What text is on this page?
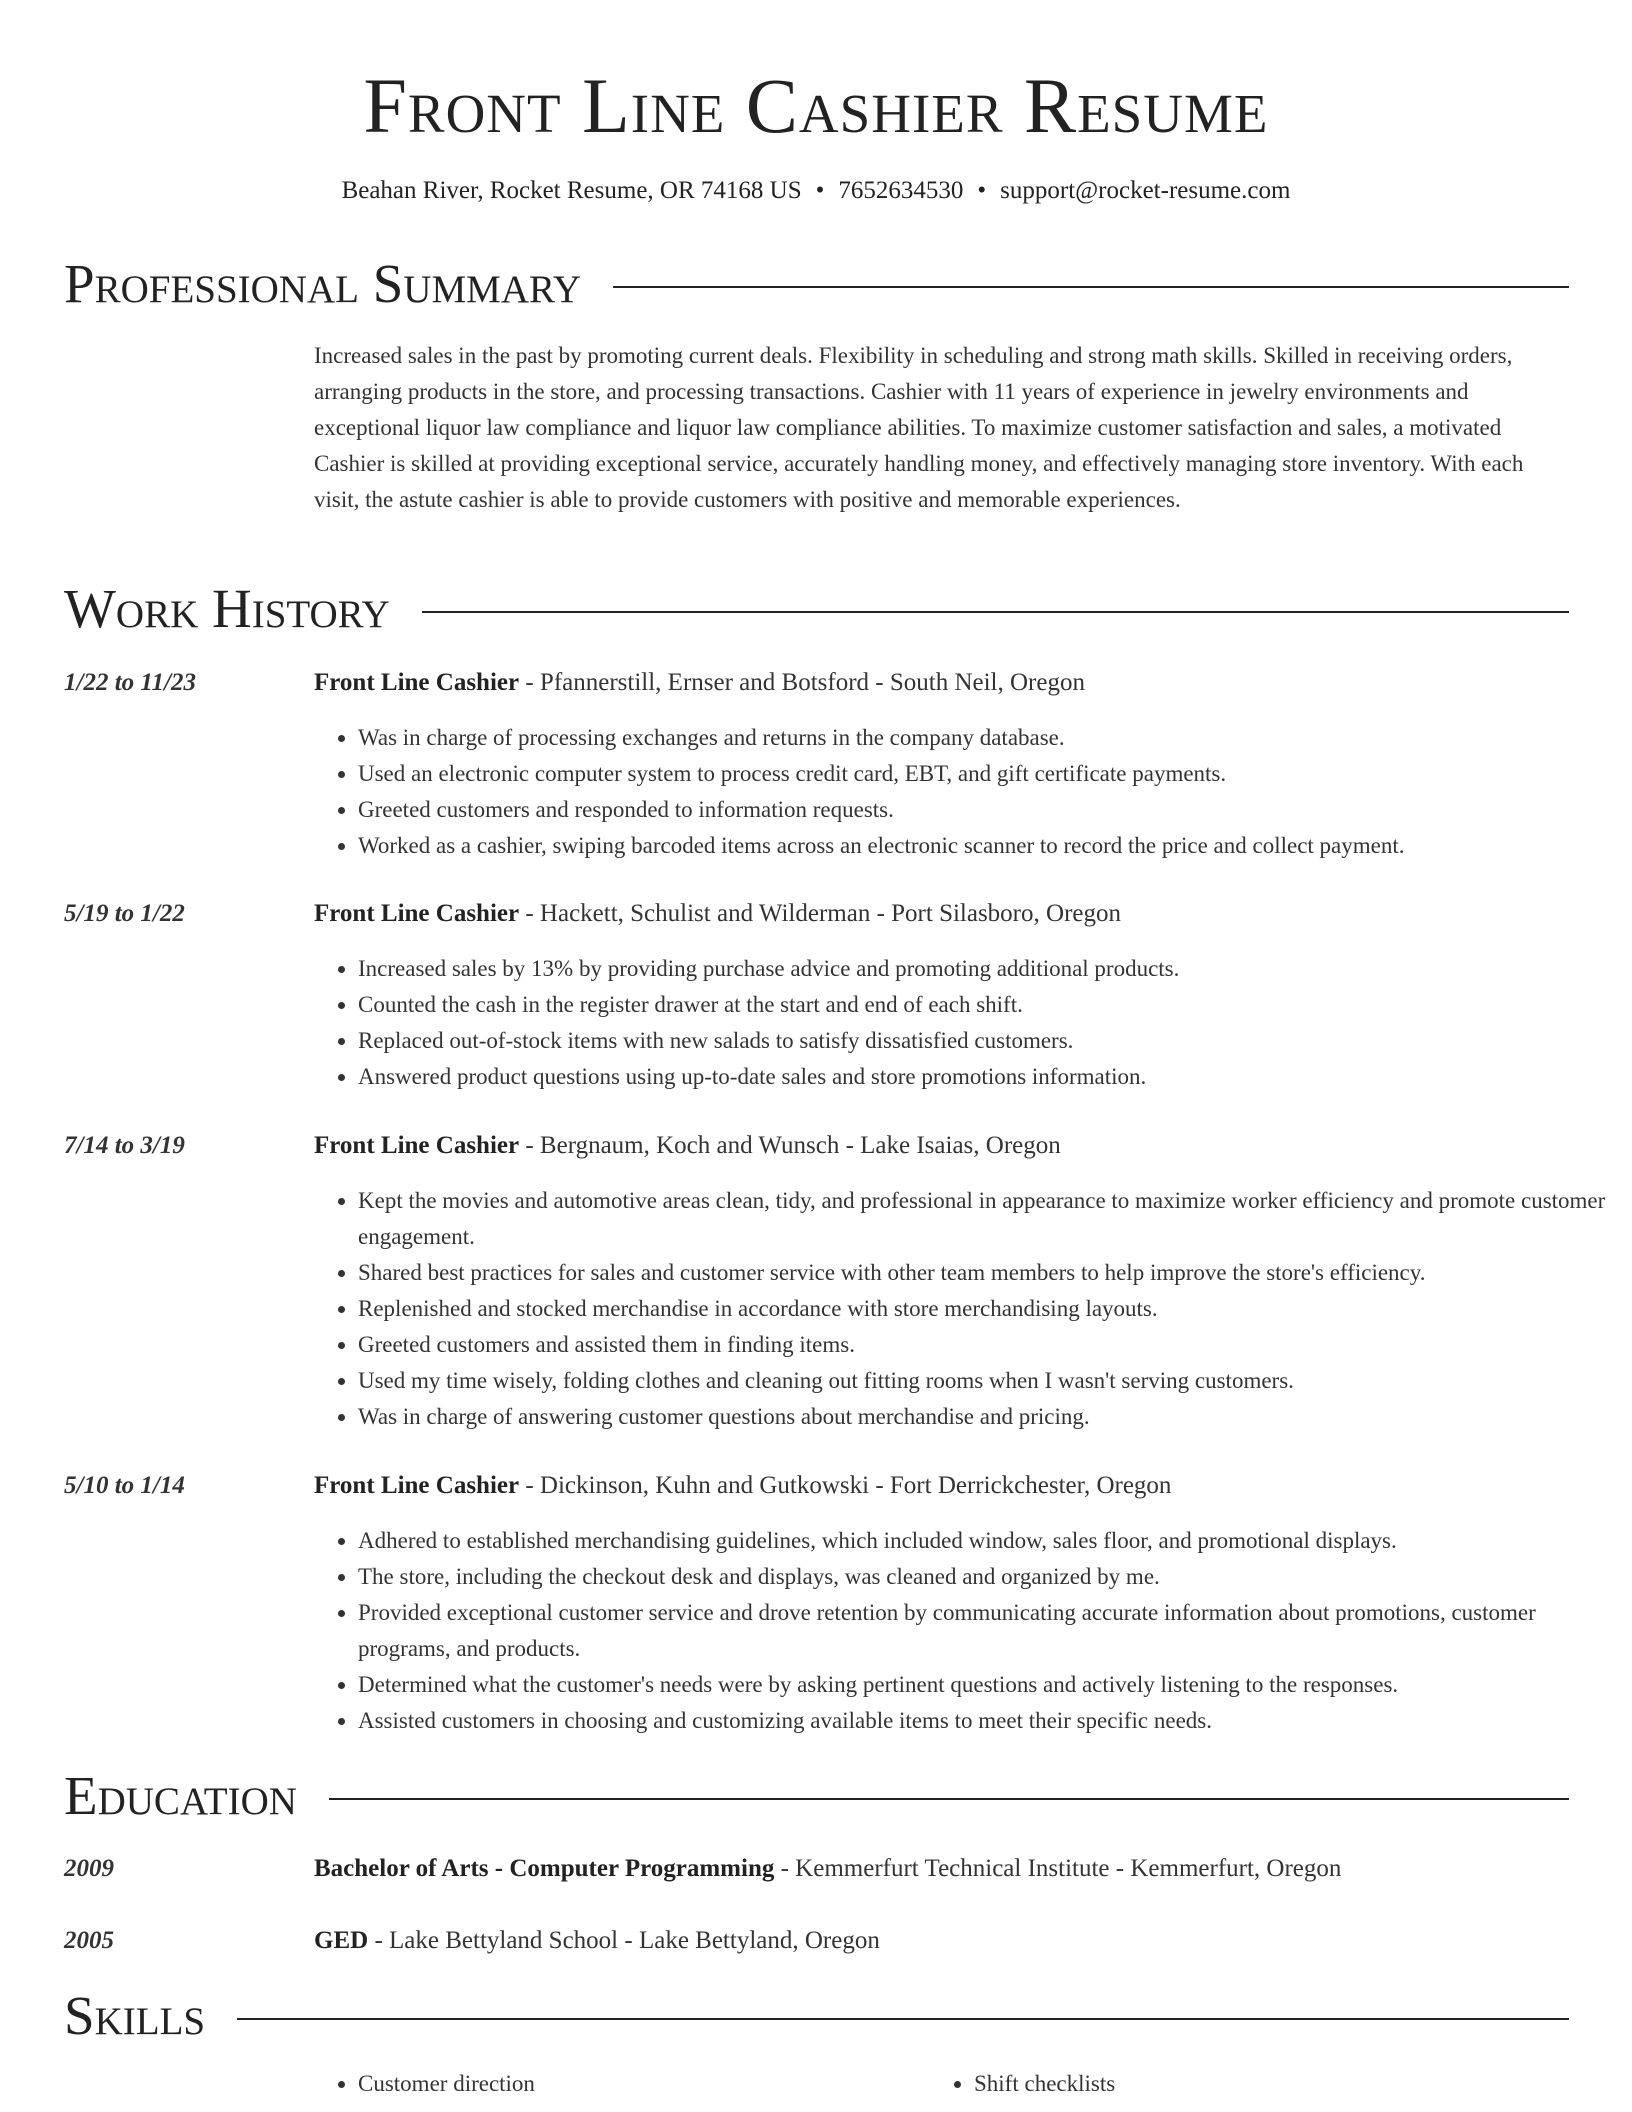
Front Line Cashier Resume
Beahan River, Rocket Resume, OR 74168 US • 7652634530 • support@rocket-resume.com
Professional Summary
Increased sales in the past by promoting current deals. Flexibility in scheduling and strong math skills. Skilled in receiving orders, arranging products in the store, and processing transactions. Cashier with 11 years of experience in jewelry environments and exceptional liquor law compliance and liquor law compliance abilities. To maximize customer satisfaction and sales, a motivated Cashier is skilled at providing exceptional service, accurately handling money, and effectively managing store inventory. With each visit, the astute cashier is able to provide customers with positive and memorable experiences.
Work History
1/22 to 11/23	Front Line Cashier - Pfannerstill, Ernser and Botsford - South Neil, Oregon
• Was in charge of processing exchanges and returns in the company database.
• Used an electronic computer system to process credit card, EBT, and gift certificate payments.
• Greeted customers and responded to information requests.
• Worked as a cashier, swiping barcoded items across an electronic scanner to record the price and collect payment.
5/19 to 1/22	Front Line Cashier - Hackett, Schulist and Wilderman - Port Silasboro, Oregon
• Increased sales by 13% by providing purchase advice and promoting additional products.
• Counted the cash in the register drawer at the start and end of each shift.
• Replaced out-of-stock items with new salads to satisfy dissatisfied customers.
• Answered product questions using up-to-date sales and store promotions information.
7/14 to 3/19	Front Line Cashier - Bergnaum, Koch and Wunsch - Lake Isaias, Oregon
• Kept the movies and automotive areas clean, tidy, and professional in appearance to maximize worker efficiency and promote customer engagement.
• Shared best practices for sales and customer service with other team members to help improve the store's efficiency.
• Replenished and stocked merchandise in accordance with store merchandising layouts.
• Greeted customers and assisted them in finding items.
• Used my time wisely, folding clothes and cleaning out fitting rooms when I wasn't serving customers.
• Was in charge of answering customer questions about merchandise and pricing.
5/10 to 1/14	Front Line Cashier - Dickinson, Kuhn and Gutkowski - Fort Derrickchester, Oregon
• Adhered to established merchandising guidelines, which included window, sales floor, and promotional displays.
• The store, including the checkout desk and displays, was cleaned and organized by me.
• Provided exceptional customer service and drove retention by communicating accurate information about promotions, customer programs, and products.
• Determined what the customer's needs were by asking pertinent questions and actively listening to the responses.
• Assisted customers in choosing and customizing available items to meet their specific needs.
Education
2009	Bachelor of Arts - Computer Programming - Kemmerfurt Technical Institute - Kemmerfurt, Oregon
2005	GED - Lake Bettyland School - Lake Bettyland, Oregon
Skills
• Customer direction
•	Shift checklists
